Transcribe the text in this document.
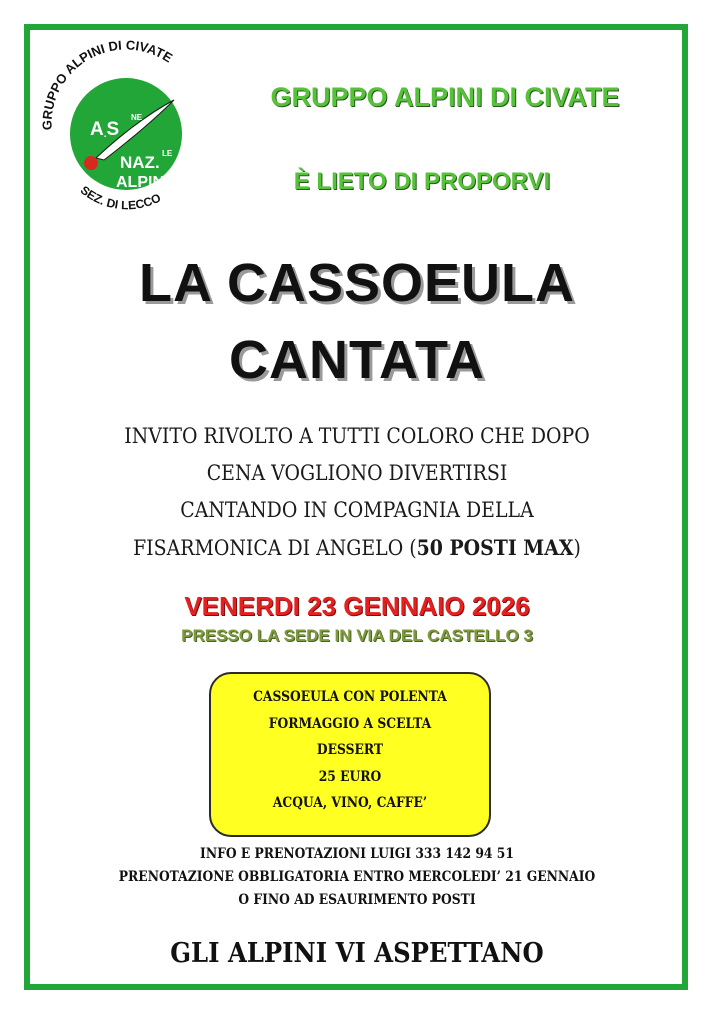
GRUPPO ALPINI DI CIVATE
SEZ. DI LECCO
A.S
NE
NAZ. LE
ALPINI
GRUPPO ALPINI DI CIVATE
È LIETO DI PROPORVI
LA CASSOEULA
CANTATA
INVITO RIVOLTO A TUTTI COLORO CHE DOPO
CENA VOGLIONO DIVERTIRSI
CANTANDO IN COMPAGNIA DELLA
FISARMONICA DI ANGELO (50 POSTI MAX)
VENERDI 23 GENNAIO 2026
PRESSO LA SEDE IN VIA DEL CASTELLO 3
CASSOEULA CON POLENTA
FORMAGGIO A SCELTA
DESSERT
25 EURO
ACQUA, VINO, CAFFE’
INFO E PRENOTAZIONI LUIGI 333 142 94 51
PRENOTAZIONE OBBLIGATORIA ENTRO MERCOLEDI’ 21 GENNAIO
O FINO AD ESAURIMENTO POSTI
GLI ALPINI VI ASPETTANO
